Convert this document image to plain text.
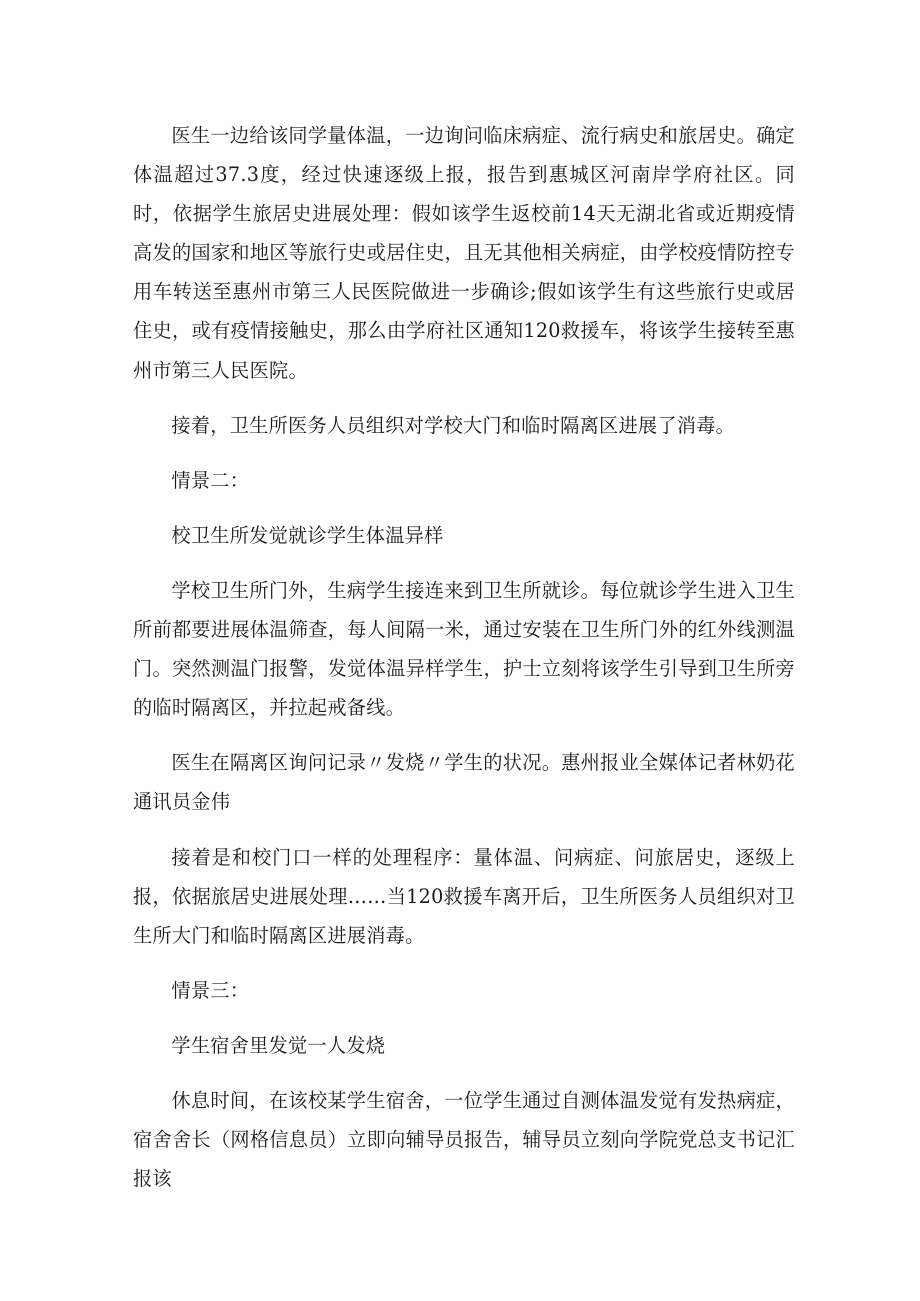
医生一边给该同学量体温，一边询问临床病症、流行病史和旅居史。确定体温超过37.3度，经过快速逐级上报，报告到惠城区河南岸学府社区。同时，依据学生旅居史进展处理：假如该学生返校前14天无湖北省或近期疫情高发的国家和地区等旅行史或居住史，且无其他相关病症，由学校疫情防控专用车转送至惠州市第三人民医院做进一步确诊;假如该学生有这些旅行史或居住史，或有疫情接触史，那么由学府社区通知120救援车，将该学生接转至惠州市第三人民医院。

接着，卫生所医务人员组织对学校大门和临时隔离区进展了消毒。

情景二：

校卫生所发觉就诊学生体温异样

学校卫生所门外，生病学生接连来到卫生所就诊。每位就诊学生进入卫生所前都要进展体温筛查，每人间隔一米，通过安装在卫生所门外的红外线测温门。突然测温门报警，发觉体温异样学生，护士立刻将该学生引导到卫生所旁的临时隔离区，并拉起戒备线。

医生在隔离区询问记录〃发烧〃学生的状况。惠州报业全媒体记者林奶花通讯员金伟

接着是和校门口一样的处理程序：量体温、问病症、问旅居史，逐级上报，依据旅居史进展处理……当120救援车离开后，卫生所医务人员组织对卫生所大门和临时隔离区进展消毒。

情景三：

学生宿舍里发觉一人发烧

休息时间，在该校某学生宿舍，一位学生通过自测体温发觉有发热病症，宿舍舍长（网格信息员）立即向辅导员报告，辅导员立刻向学院党总支书记汇报该
